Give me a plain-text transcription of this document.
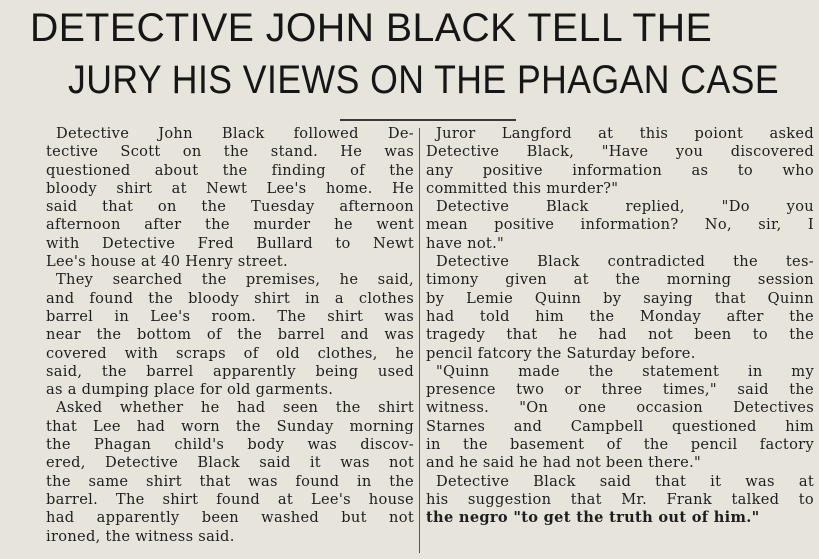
DETECTIVE JOHN BLACK TELL THE
JURY HIS VIEWS ON THE PHAGAN CASE
Detective John Black followed De-
tective Scott on the stand. He was
questioned about the finding of the
bloody shirt at Newt Lee's home. He
said that on the Tuesday afternoon
afternoon after the murder he went
with Detective Fred Bullard to Newt
Lee's house at 40 Henry street.
They searched the premises, he said,
and found the bloody shirt in a clothes
barrel in Lee's room. The shirt was
near the bottom of the barrel and was
covered with scraps of old clothes, he
said, the barrel apparently being used
as a dumping place for old garments.
Asked whether he had seen the shirt
that Lee had worn the Sunday morning
the Phagan child's body was discov-
ered, Detective Black said it was not
the same shirt that was found in the
barrel. The shirt found at Lee's house
had apparently been washed but not
ironed, the witness said.
Juror Langford at this poiont asked
Detective Black, "Have you discovered
any positive information as to who
committed this murder?"
Detective Black replied, "Do you
mean positive information? No, sir, I
have not."
Detective Black contradicted the tes-
timony given at the morning session
by Lemie Quinn by saying that Quinn
had told him the Monday after the
tragedy that he had not been to the
pencil fatcory the Saturday before.
"Quinn made the statement in my
presence two or three times," said the
witness. "On one occasion Detectives
Starnes and Campbell questioned him
in the basement of the pencil factory
and he said he had not been there."
Detective Black said that it was at
his suggestion that Mr. Frank talked to
the negro "to get the truth out of him."
